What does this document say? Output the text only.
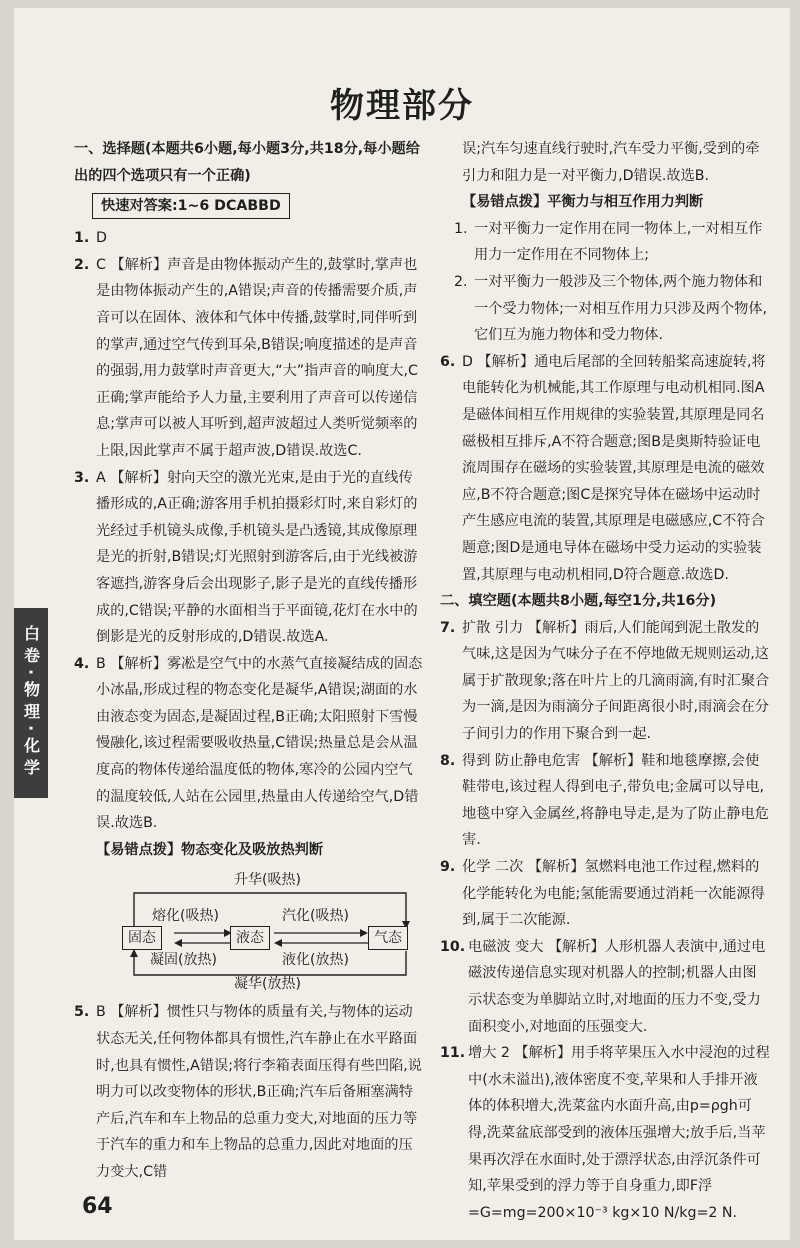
物理部分
白卷·物理·化学

一、选择题(本题共6小题,每小题3分,共18分,每小题给出的四个选项只有一个正确)

快速对答案:1~6 DCABBD
1. D
2. C 【解析】声音是由物体振动产生的,鼓掌时,掌声也是由物体振动产生的,A错误;声音的传播需要介质,声音可以在固体、液体和气体中传播,鼓掌时,同伴听到的掌声,通过空气传到耳朵,B错误;响度描述的是声音的强弱,用力鼓掌时声音更大,“大”指声音的响度大,C正确;掌声能给予人力量,主要利用了声音可以传递信息;掌声可以被人耳听到,超声波超过人类听觉频率的上限,因此掌声不属于超声波,D错误.故选C.
3. A 【解析】射向天空的激光光束,是由于光的直线传播形成的,A正确;游客用手机拍摄彩灯时,来自彩灯的光经过手机镜头成像,手机镜头是凸透镜,其成像原理是光的折射,B错误;灯光照射到游客后,由于光线被游客遮挡,游客身后会出现影子,影子是光的直线传播形成的,C错误;平静的水面相当于平面镜,花灯在水中的倒影是光的反射形成的,D错误.故选A.
4. B 【解析】雾凇是空气中的水蒸气直接凝结成的固态小冰晶,形成过程的物态变化是凝华,A错误;湖面的水由液态变为固态,是凝固过程,B正确;太阳照射下雪慢慢融化,该过程需要吸收热量,C错误;热量总是会从温度高的物体传递给温度低的物体,寒冷的公园内空气的温度较低,人站在公园里,热量由人传递给空气,D错误.故选B.

【易错点拨】物态变化及吸放热判断

升华(吸热)
熔化(吸热)	汽化(吸热)
固态	液态	气态
凝固(放热)	液化(放热)
凝华(放热)
5. B 【解析】惯性只与物体的质量有关,与物体的运动状态无关,任何物体都具有惯性,汽车静止在水平路面时,也具有惯性,A错误;将行李箱表面压得有些凹陷,说明力可以改变物体的形状,B正确;汽车后备厢塞满特产后,汽车和车上物品的总重力变大,对地面的压力等于汽车的重力和车上物品的总重力,因此对地面的压力变大,C错

误;汽车匀速直线行驶时,汽车受力平衡,受到的牵引力和阻力是一对平衡力,D错误.故选B.

【易错点拨】平衡力与相互作用力判断

1. 一对平衡力一定作用在同一物体上,一对相互作用力一定作用在不同物体上;
2. 一对平衡力一般涉及三个物体,两个施力物体和一个受力物体;一对相互作用力只涉及两个物体,它们互为施力物体和受力物体.
6. D 【解析】通电后尾部的全回转船桨高速旋转,将电能转化为机械能,其工作原理与电动机相同.图A是磁体间相互作用规律的实验装置,其原理是同名磁极相互排斥,A不符合题意;图B是奥斯特验证电流周围存在磁场的实验装置,其原理是电流的磁效应,B不符合题意;图C是探究导体在磁场中运动时产生感应电流的装置,其原理是电磁感应,C不符合题意;图D是通电导体在磁场中受力运动的实验装置,其原理与电动机相同,D符合题意.故选D.

二、填空题(本题共8小题,每空1分,共16分)

7. 扩散 引力 【解析】雨后,人们能闻到泥土散发的气味,这是因为气味分子在不停地做无规则运动,这属于扩散现象;落在叶片上的几滴雨滴,有时汇聚合为一滴,是因为雨滴分子间距离很小时,雨滴会在分子间引力的作用下聚合到一起.
8. 得到 防止静电危害 【解析】鞋和地毯摩擦,会使鞋带电,该过程人得到电子,带负电;金属可以导电,地毯中穿入金属丝,将静电导走,是为了防止静电危害.
9. 化学 二次 【解析】氢燃料电池工作过程,燃料的化学能转化为电能;氢能需要通过消耗一次能源得到,属于二次能源.
10. 电磁波 变大 【解析】人形机器人表演中,通过电磁波传递信息实现对机器人的控制;机器人由图示状态变为单脚站立时,对地面的压力不变,受力面积变小,对地面的压强变大.
11. 增大 2 【解析】用手将苹果压入水中浸泡的过程中(水未溢出),液体密度不变,苹果和人手排开液体的体积增大,洗菜盆内水面升高,由p=ρgh可得,洗菜盆底部受到的液体压强增大;放手后,当苹果再次浮在水面时,处于漂浮状态,由浮沉条件可知,苹果受到的浮力等于自身重力,即F浮=G=mg=200×10⁻³ kg×10 N/kg=2 N.
64
